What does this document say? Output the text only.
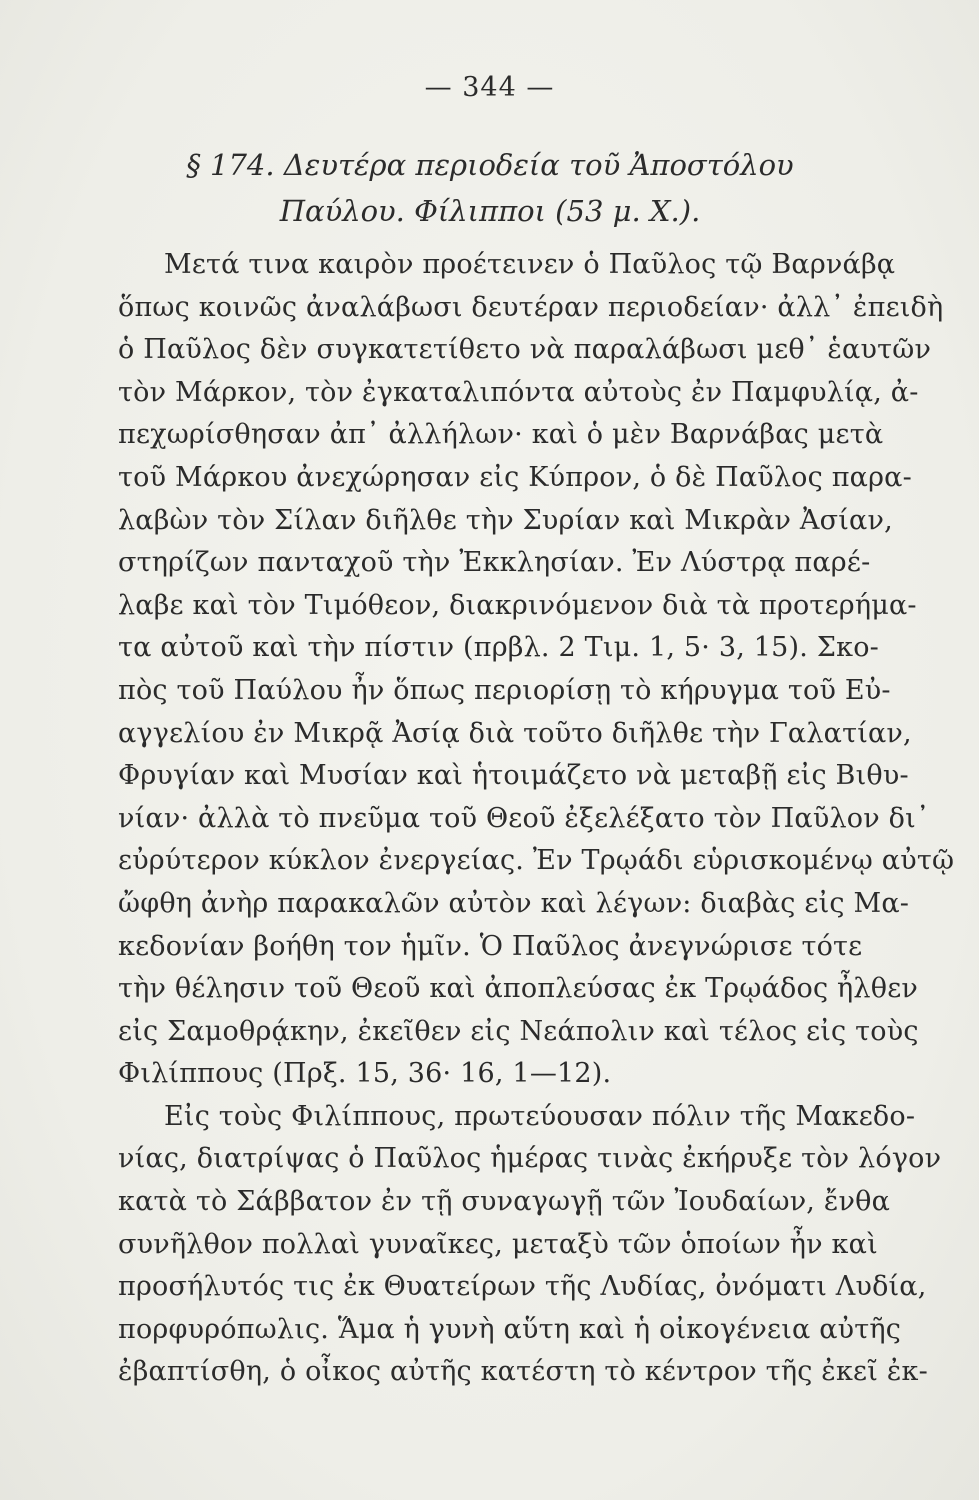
— 344 —
§ 174. Δευτέρα περιοδεία τοῦ Ἀποστόλου
Παύλου. Φίλιπποι (53 μ. Χ.).
Μετά τινα καιρὸν προέτεινεν ὁ Παῦλος τῷ Βαρνάβᾳ
ὅπως κοινῶς ἀναλάβωσι δευτέραν περιοδείαν· ἀλλ᾽ ἐπειδὴ
ὁ Παῦλος δὲν συγκατετίθετο νὰ παραλάβωσι μεθ᾽ ἑαυτῶν
τὸν Μάρκον, τὸν ἐγκαταλιπόντα αὐτοὺς ἐν Παμφυλίᾳ, ἀ-
πεχωρίσθησαν ἀπ᾽ ἀλλήλων· καὶ ὁ μὲν Βαρνάβας μετὰ
τοῦ Μάρκου ἀνεχώρησαν εἰς Κύπρον, ὁ δὲ Παῦλος παρα-
λαβὼν τὸν Σίλαν διῆλθε τὴν Συρίαν καὶ Μικρὰν Ἀσίαν,
στηρίζων πανταχοῦ τὴν Ἐκκλησίαν. Ἐν Λύστρᾳ παρέ-
λαβε καὶ τὸν Τιμόθεον, διακρινόμενον διὰ τὰ προτερήμα-
τα αὐτοῦ καὶ τὴν πίστιν (πρβλ. 2 Τιμ. 1, 5· 3, 15). Σκο-
πὸς τοῦ Παύλου ἦν ὅπως περιορίσῃ τὸ κήρυγμα τοῦ Εὐ-
αγγελίου ἐν Μικρᾷ Ἀσίᾳ διὰ τοῦτο διῆλθε τὴν Γαλατίαν,
Φρυγίαν καὶ Μυσίαν καὶ ἡτοιμάζετο νὰ μεταβῇ εἰς Βιθυ-
νίαν· ἀλλὰ τὸ πνεῦμα τοῦ Θεοῦ ἐξελέξατο τὸν Παῦλον δι᾽
εὐρύτερον κύκλον ἐνεργείας. Ἐν Τρῳάδι εὑρισκομένῳ αὐτῷ
ὤφθη ἀνὴρ παρακαλῶν αὐτὸν καὶ λέγων: διαβὰς εἰς Μα-
κεδονίαν βοήθη τον ἡμῖν. Ὁ Παῦλος ἀνεγνώρισε τότε
τὴν θέλησιν τοῦ Θεοῦ καὶ ἀποπλεύσας ἐκ Τρῳάδος ἦλθεν
εἰς Σαμοθρᾴκην, ἐκεῖθεν εἰς Νεάπολιν καὶ τέλος εἰς τοὺς
Φιλίππους (Πρξ. 15, 36· 16, 1—12).
Εἰς τοὺς Φιλίππους, πρωτεύουσαν πόλιν τῆς Μακεδο-
νίας, διατρίψας ὁ Παῦλος ἡμέρας τινὰς ἐκήρυξε τὸν λόγον
κατὰ τὸ Σάββατον ἐν τῇ συναγωγῇ τῶν Ἰουδαίων, ἔνθα
συνῆλθον πολλαὶ γυναῖκες, μεταξὺ τῶν ὁποίων ἦν καὶ
προσήλυτός τις ἐκ Θυατείρων τῆς Λυδίας, ὀνόματι Λυδία,
πορφυρόπωλις. Ἅμα ἡ γυνὴ αὕτη καὶ ἡ οἰκογένεια αὐτῆς
ἐβαπτίσθη, ὁ οἶκος αὐτῆς κατέστη τὸ κέντρον τῆς ἐκεῖ ἐκ-
